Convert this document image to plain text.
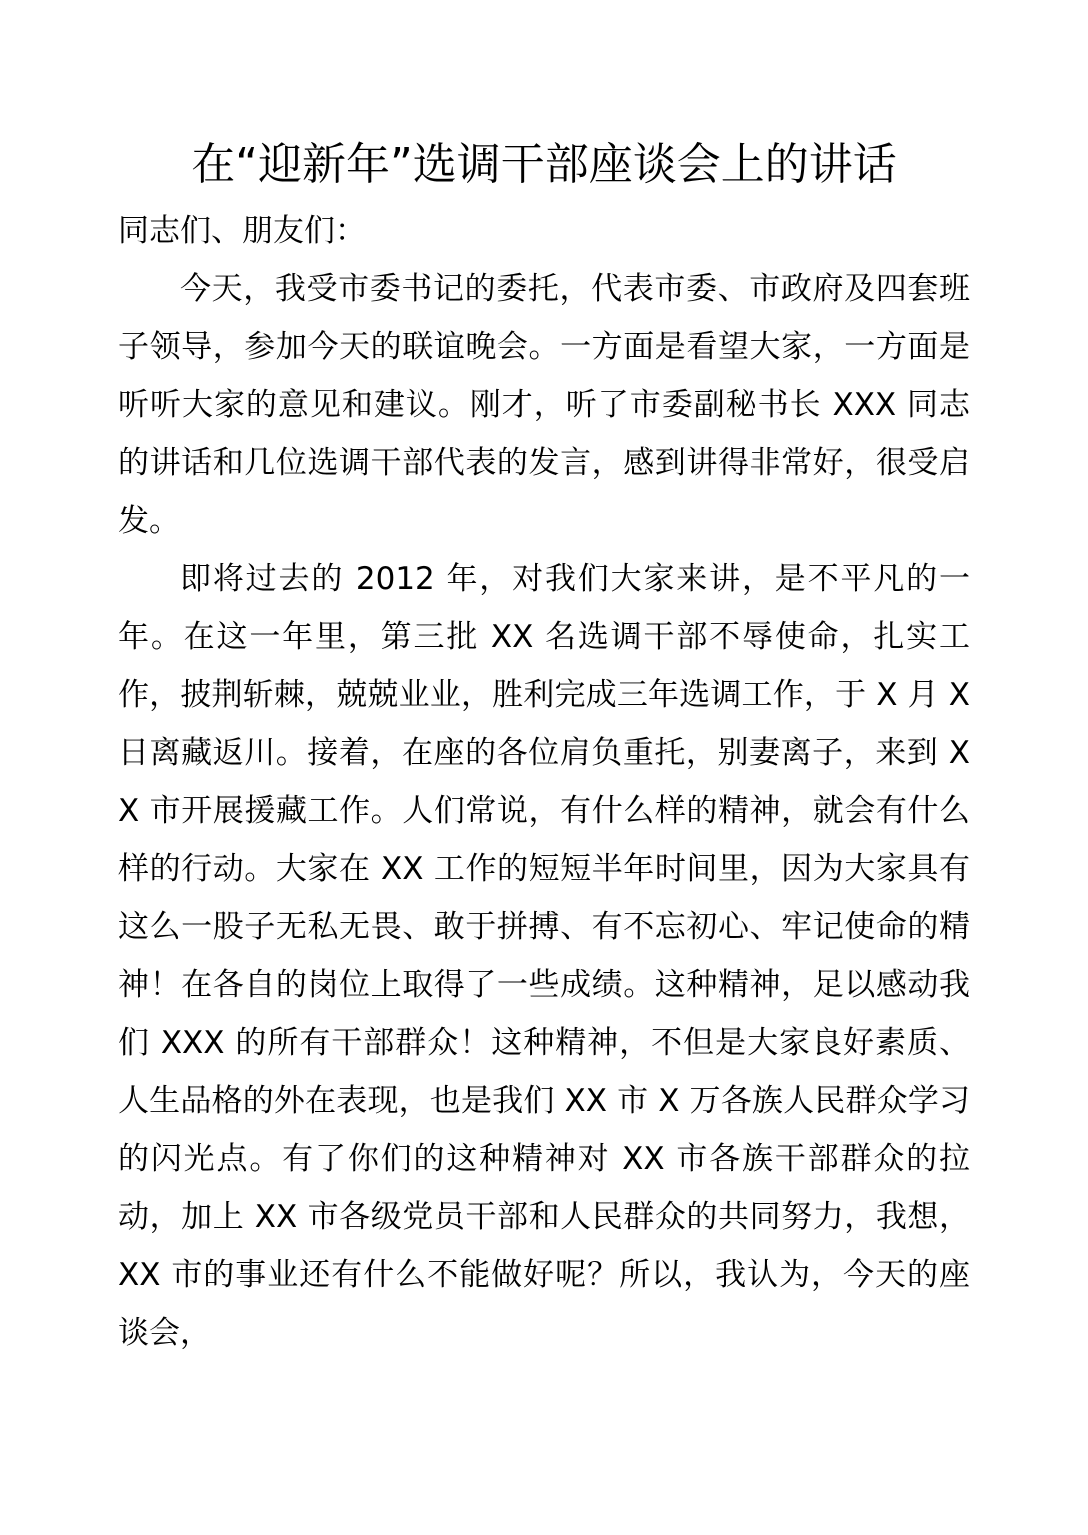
在“迎新年”选调干部座谈会上的讲话

同志们、朋友们：

今天，我受市委书记的委托，代表市委、市政府及四套班子领导，参加今天的联谊晚会。一方面是看望大家，一方面是听听大家的意见和建议。刚才，听了市委副秘书长 XXX 同志的讲话和几位选调干部代表的发言，感到讲得非常好，很受启发。

即将过去的 2012 年，对我们大家来讲，是不平凡的一年。在这一年里，第三批 XX 名选调干部不辱使命，扎实工作，披荆斩棘，兢兢业业，胜利完成三年选调工作，于 X 月 X 日离藏返川。接着，在座的各位肩负重托，别妻离子，来到 XX 市开展援藏工作。人们常说，有什么样的精神，就会有什么样的行动。大家在 XX 工作的短短半年时间里，因为大家具有这么一股子无私无畏、敢于拼搏、有不忘初心、牢记使命的精神！在各自的岗位上取得了一些成绩。这种精神，足以感动我们 XXX 的所有干部群众！这种精神，不但是大家良好素质、人生品格的外在表现，也是我们 XX 市 X 万各族人民群众学习的闪光点。有了你们的这种精神对 XX 市各族干部群众的拉动，加上 XX 市各级党员干部和人民群众的共同努力，我想，XX 市的事业还有什么不能做好呢？所以，我认为，今天的座谈会，
